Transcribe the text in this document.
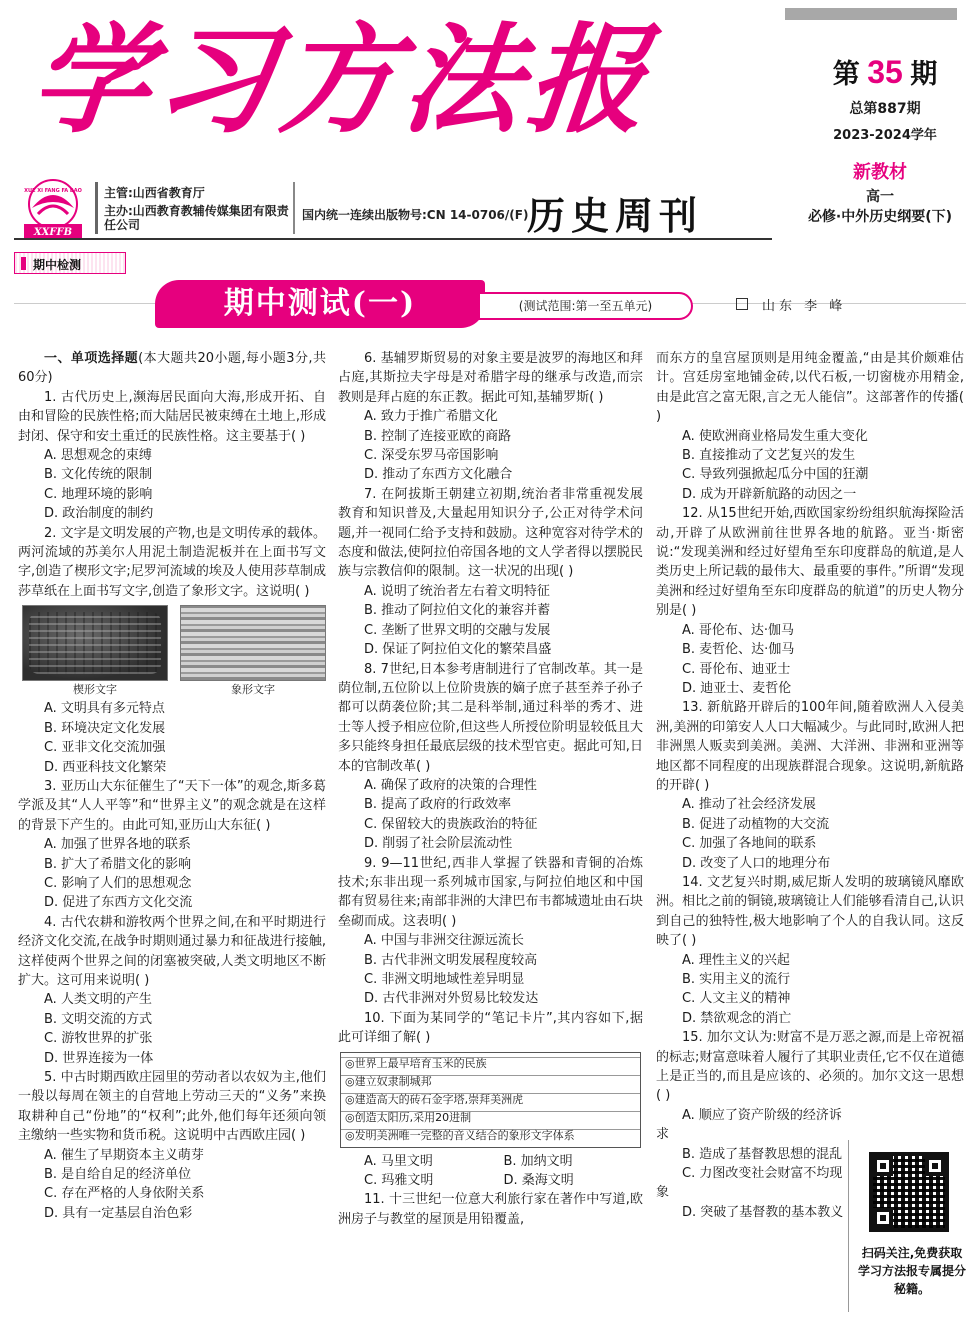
学习方法报	第 35 期
总第887期
2023-2024学年
新教材
高一
必修·中外历史纲要(下)
XUE XI FANG FA BAO
XXFFB
主管:山西省教育厅
主办:山西教育教辅传媒集团有限责任公司
国内统一连续出版物号:CN 14-0706/(F)
历史周刊
期中检测
期中测试(一)	(测试范围:第一至五单元)	山东 李 峰

一、单项选择题(本大题共20小题,每小题3分,共60分)

1. 古代历史上,濒海居民面向大海,形成开拓、自由和冒险的民族性格;而大陆居民被束缚在土地上,形成封闭、保守和安土重迁的民族性格。这主要基于( )

A. 思想观念的束缚
B. 文化传统的限制
C. 地理环境的影响
D. 政治制度的制约

2. 文字是文明发展的产物,也是文明传承的载体。两河流域的苏美尔人用泥土制造泥板并在上面书写文字,创造了楔形文字;尼罗河流域的埃及人使用莎草制成莎草纸在上面书写文字,创造了象形文字。这说明( )

楔形文字	象形文字
A. 文明具有多元特点
B. 环境决定文化发展
C. 亚非文化交流加强
D. 西亚科技文化繁荣

3. 亚历山大东征催生了“天下一体”的观念,斯多葛学派及其“人人平等”和“世界主义”的观念就是在这样的背景下产生的。由此可知,亚历山大东征( )

A. 加强了世界各地的联系
B. 扩大了希腊文化的影响
C. 影响了人们的思想观念
D. 促进了东西方文化交流

4. 古代农耕和游牧两个世界之间,在和平时期进行经济文化交流,在战争时期则通过暴力和征战进行接触,这样使两个世界之间的闭塞被突破,人类文明地区不断扩大。这可用来说明( )

A. 人类文明的产生
B. 文明交流的方式
C. 游牧世界的扩张
D. 世界连接为一体

5. 中古时期西欧庄园里的劳动者以农奴为主,他们一般以每周在领主的自营地上劳动三天的“义务”来换取耕种自己“份地”的“权利”;此外,他们每年还须向领主缴纳一些实物和货币税。这说明中古西欧庄园( )

A. 催生了早期资本主义萌芽
B. 是自给自足的经济单位
C. 存在严格的人身依附关系
D. 具有一定基层自治色彩

6. 基辅罗斯贸易的对象主要是波罗的海地区和拜占庭,其斯拉夫字母是对希腊字母的继承与改造,而宗教则是拜占庭的东正教。据此可知,基辅罗斯( )

A. 致力于推广希腊文化
B. 控制了连接亚欧的商路
C. 深受东罗马帝国影响
D. 推动了东西方文化融合

7. 在阿拔斯王朝建立初期,统治者非常重视发展教育和知识普及,大量起用知识分子,公正对待学术问题,并一视同仁给予支持和鼓励。这种宽容对待学术的态度和做法,使阿拉伯帝国各地的文人学者得以摆脱民族与宗教信仰的限制。这一状况的出现( )

A. 说明了统治者左右着文明特征
B. 推动了阿拉伯文化的兼容并蓄
C. 垄断了世界文明的交融与发展
D. 保证了阿拉伯文化的繁荣昌盛

8. 7世纪,日本参考唐制进行了官制改革。其一是荫位制,五位阶以上位阶贵族的嫡子庶子甚至养子孙子都可以荫袭位阶;其二是科举制,通过科举的秀才、进士等人授予相应位阶,但这些人所授位阶明显较低且大多只能终身担任最底层级的技术型官吏。据此可知,日本的官制改革( )

A. 确保了政府的决策的合理性
B. 提高了政府的行政效率
C. 保留较大的贵族政治的特征
D. 削弱了社会阶层流动性

9. 9—11世纪,西非人掌握了铁器和青铜的冶炼技术;东非出现一系列城市国家,与阿拉伯地区和中国都有贸易往来;南部非洲的大津巴布韦都城遗址由石块垒砌而成。这表明( )

A. 中国与非洲交往源远流长
B. 古代非洲文明发展程度较高
C. 非洲文明地域性差异明显
D. 古代非洲对外贸易比较发达

10. 下面为某同学的“笔记卡片”,其内容如下,据此可详细了解( )

◎世界上最早培育玉米的民族
◎建立奴隶制城邦
◎建造高大的砖石金字塔,崇拜美洲虎
◎创造太阳历,采用20进制
◎发明美洲唯一完整的音义结合的象形文字体系
A. 马里文明	B. 加纳文明
C. 玛雅文明	D. 桑海文明

11. 十三世纪一位意大利旅行家在著作中写道,欧洲房子与教堂的屋顶是用铅覆盖,

而东方的皇宫屋顶则是用纯金覆盖,“由是其价颇难估计。宫廷房室地铺金砖,以代石板,一切窗栊亦用精金,由是此宫之富无限,言之无人能信”。这部著作的传播( )

A. 使欧洲商业格局发生重大变化
B. 直接推动了文艺复兴的发生
C. 导致列强掀起瓜分中国的狂潮
D. 成为开辟新航路的动因之一

12. 从15世纪开始,西欧国家纷纷组织航海探险活动,开辟了从欧洲前往世界各地的航路。亚当·斯密说:“发现美洲和经过好望角至东印度群岛的航道,是人类历史上所记载的最伟大、最重要的事件。”所谓“发现美洲和经过好望角至东印度群岛的航道”的历史人物分别是( )

A. 哥伦布、达·伽马
B. 麦哲伦、达·伽马
C. 哥伦布、迪亚士
D. 迪亚士、麦哲伦

13. 新航路开辟后的100年间,随着欧洲人入侵美洲,美洲的印第安人人口大幅减少。与此同时,欧洲人把非洲黑人贩卖到美洲。美洲、大洋洲、非洲和亚洲等地区都不同程度的出现族群混合现象。这说明,新航路的开辟( )

A. 推动了社会经济发展
B. 促进了动植物的大交流
C. 加强了各地间的联系
D. 改变了人口的地理分布

14. 文艺复兴时期,威尼斯人发明的玻璃镜风靡欧洲。相比之前的铜镜,玻璃镜让人们能够看清自己,认识到自己的独特性,极大地影响了个人的自我认同。这反映了( )

A. 理性主义的兴起
B. 实用主义的流行
C. 人文主义的精神
D. 禁欲观念的消亡

15. 加尔文认为:财富不是万恶之源,而是上帝祝福的标志;财富意味着人履行了其职业责任,它不仅在道德上是正当的,而且是应该的、必须的。加尔文这一思想( )

A. 顺应了资产阶级的经济诉求
B. 造成了基督教思想的混乱
C. 力图改变社会财富不均现象
D. 突破了基督教的基本教义
扫码关注,免费获取学习方法报专属提分秘籍。
